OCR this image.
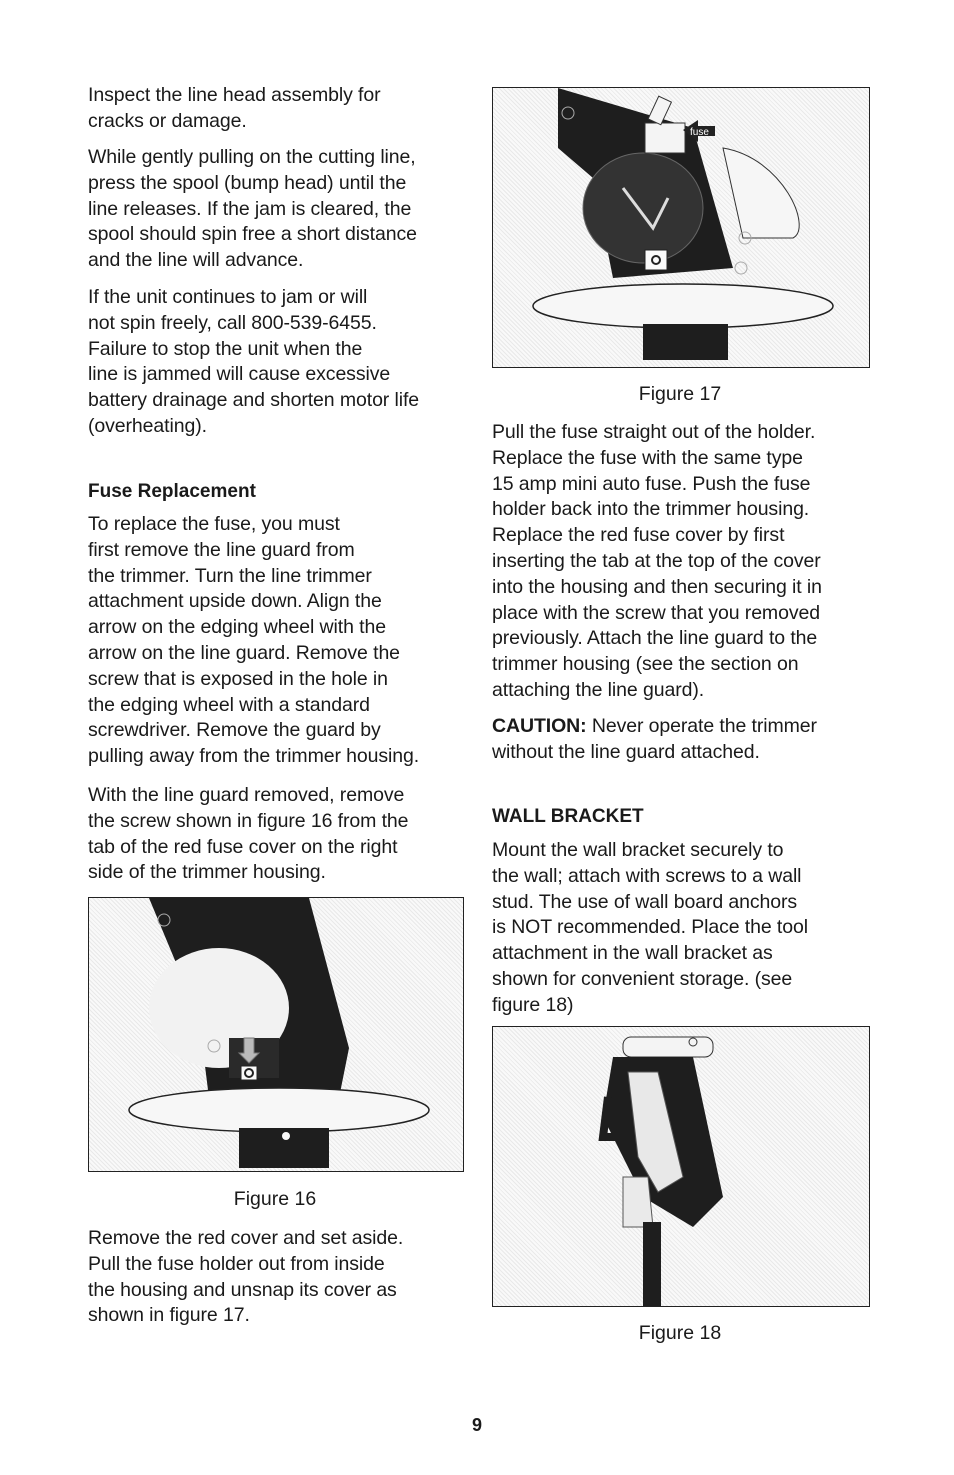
Inspect the line head assembly for
cracks or damage.

While gently pulling on the cutting line,
press the spool (bump head) until the
line releases. If the jam is cleared, the
spool should spin free a short distance
and the line will advance.

If the unit continues to jam or will
not spin freely, call 800-539-6455.
Failure to stop the unit when the
line is jammed will cause excessive
battery drainage and shorten motor life
(overheating).

Fuse Replacement

To replace the fuse, you must
first remove the line guard from
the trimmer. Turn the line trimmer
attachment upside down. Align the
arrow on the edging wheel with the
arrow on the line guard. Remove the
screw that is exposed in the hole in
the edging wheel with a standard
screwdriver. Remove the guard by
pulling away from the trimmer housing.

With the line guard removed, remove
the screw shown in figure 16 from the
tab of the red fuse cover on the right
side of the trimmer housing.

Remove the red cover and set aside.
Pull the fuse holder out from inside
the housing and unsnap its cover as
shown in figure 17.

Figure 16

fuse

Figure 17

Pull the fuse straight out of the holder.
Replace the fuse with the same type
15 amp mini auto fuse. Push the fuse
holder back into the trimmer housing.
Replace the red fuse cover by first
inserting the tab at the top of the cover
into the housing and then securing it in
place with the screw that you removed
previously. Attach the line guard to the
trimmer housing (see the section on
attaching the line guard).

CAUTION: Never operate the trimmer
without the line guard attached.

WALL BRACKET

Mount the wall bracket securely to
the wall; attach with screws to a wall
stud. The use of wall board anchors
is NOT recommended. Place the tool
attachment in the wall bracket as
shown for convenient storage. (see
figure 18)

Figure 18

9
